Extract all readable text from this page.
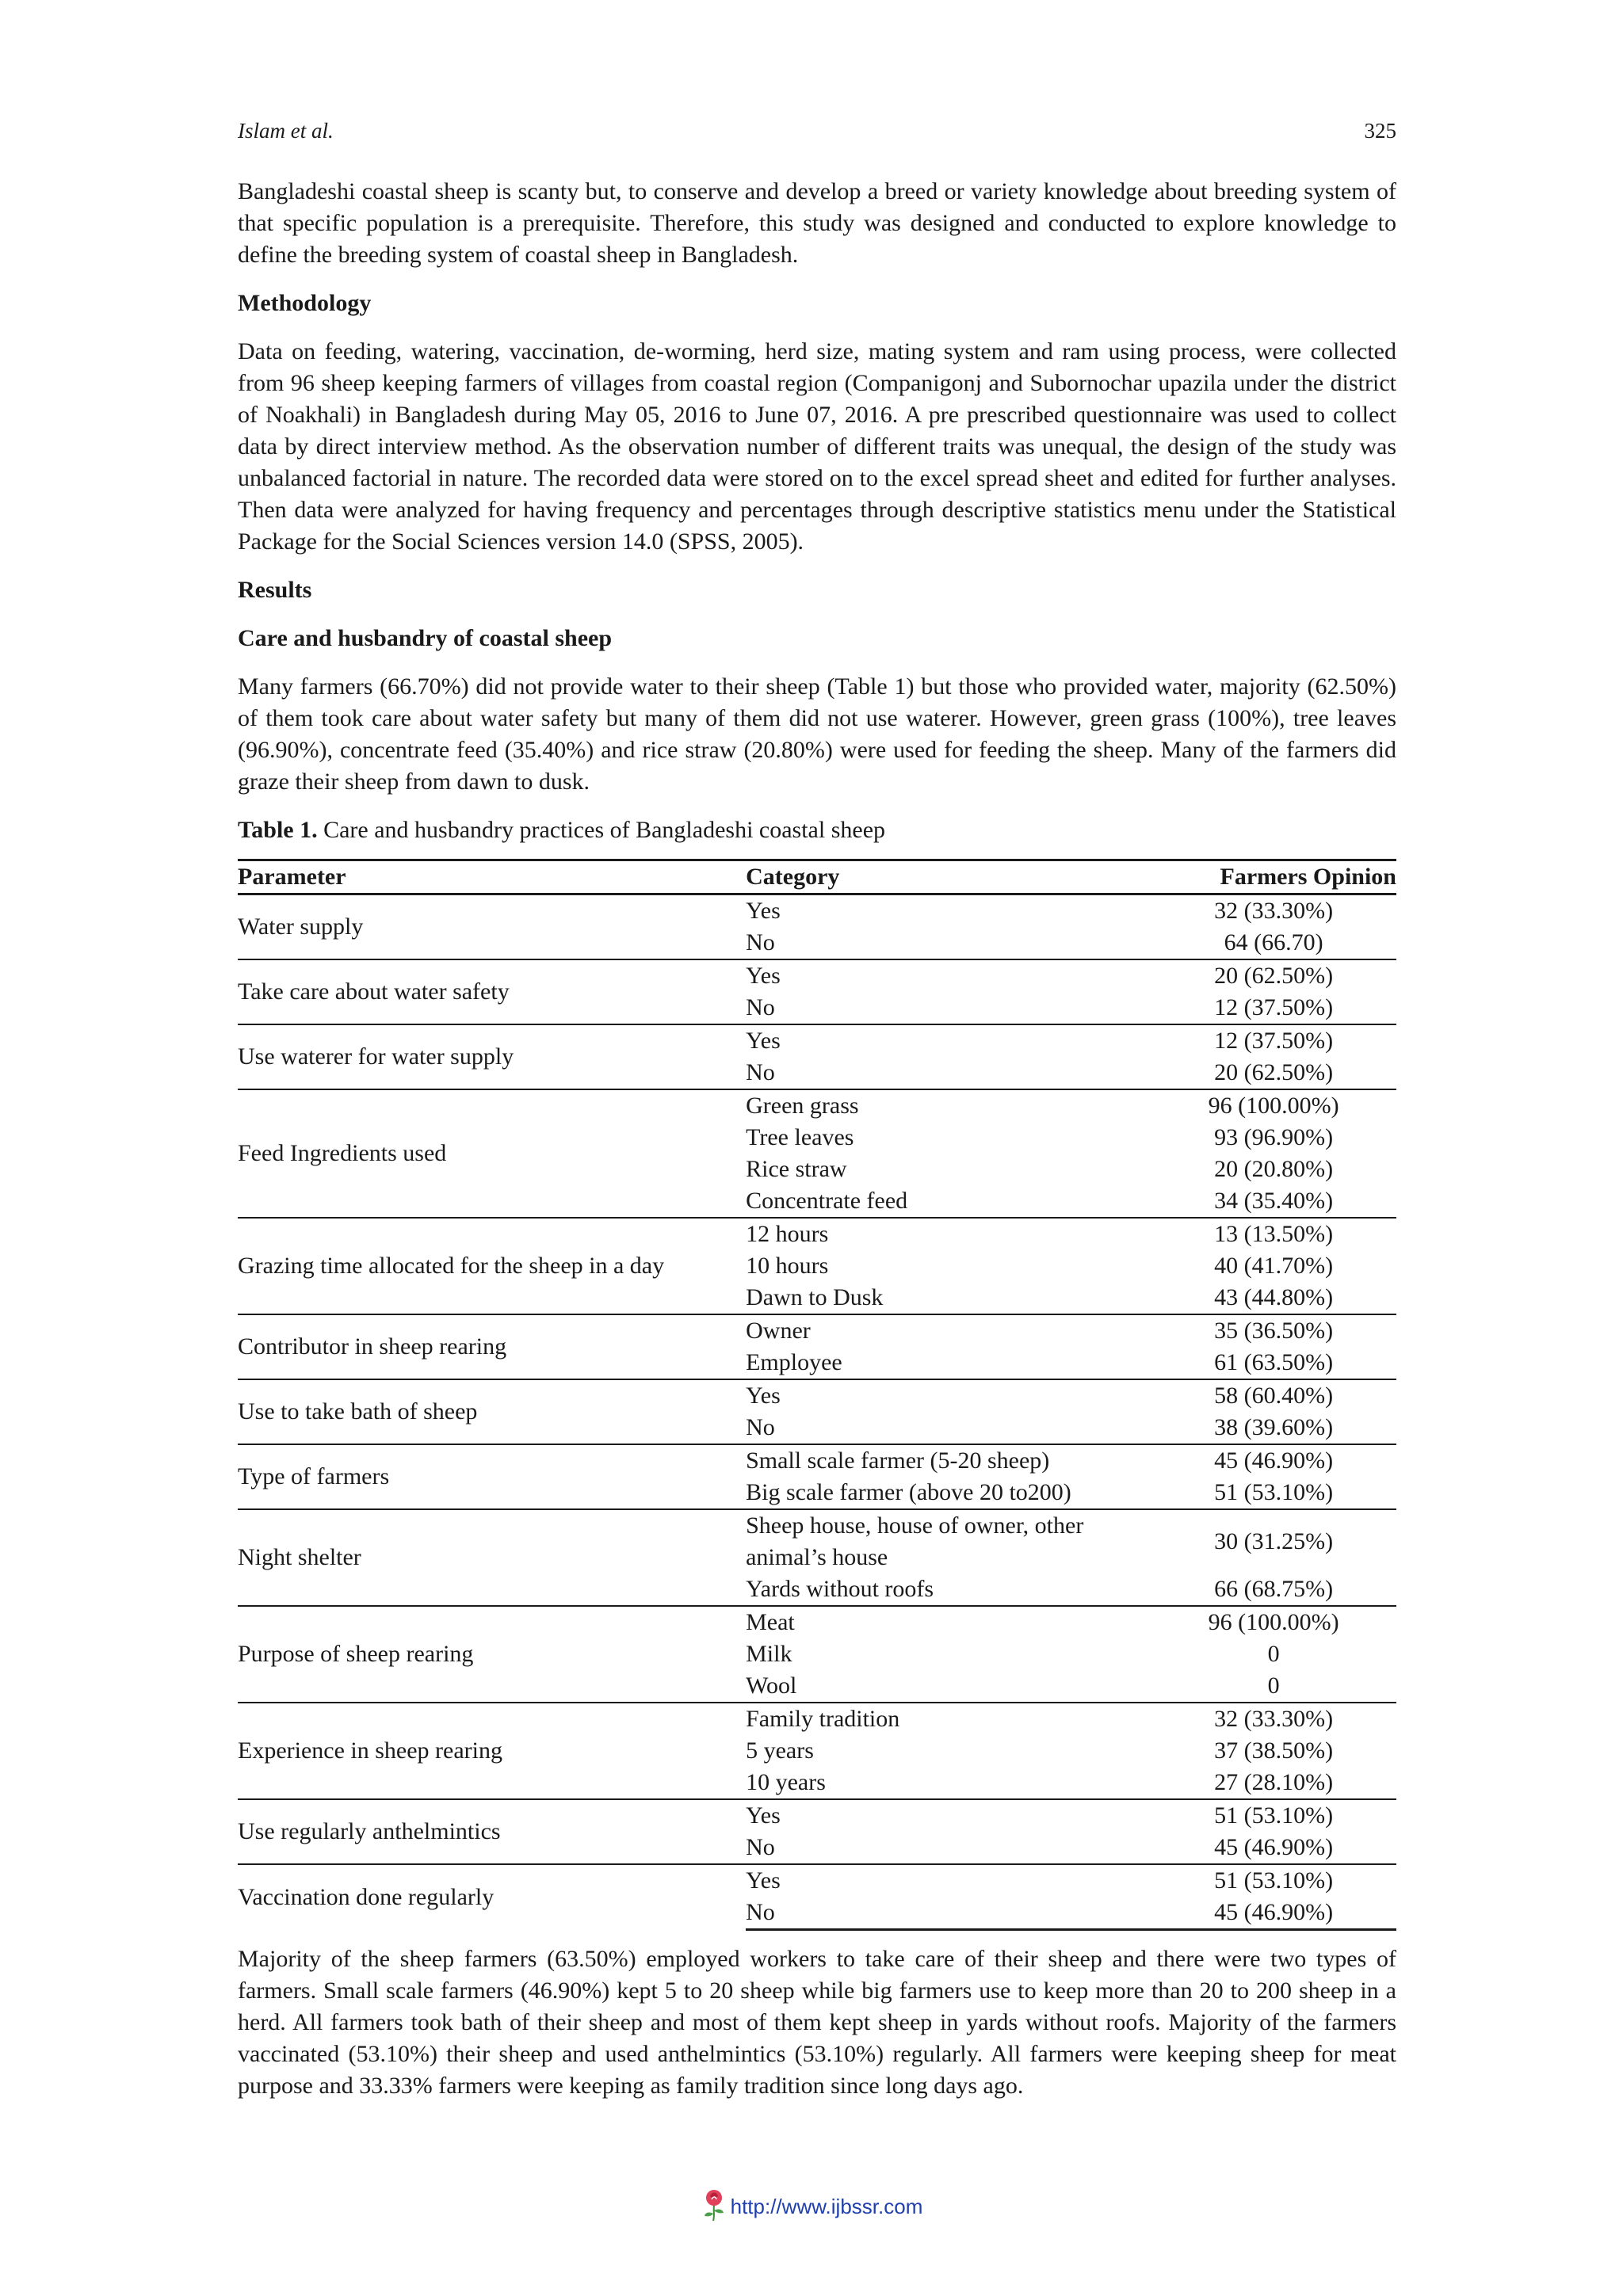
Islam et al.	325

Bangladeshi coastal sheep is scanty but, to conserve and develop a breed or variety knowledge about breeding system of that specific population is a prerequisite. Therefore, this study was designed and conducted to explore knowledge to define the breeding system of coastal sheep in Bangladesh.

Methodology

Data on feeding, watering, vaccination, de-worming, herd size, mating system and ram using process, were collected from 96 sheep keeping farmers of villages from coastal region (Companigonj and Subornochar upazila under the district of Noakhali) in Bangladesh during May 05, 2016 to June 07, 2016. A pre prescribed questionnaire was used to collect data by direct interview method. As the observation number of different traits was unequal, the design of the study was unbalanced factorial in nature. The recorded data were stored on to the excel spread sheet and edited for further analyses. Then data were analyzed for having frequency and percentages through descriptive statistics menu under the Statistical Package for the Social Sciences version 14.0 (SPSS, 2005).

Results
Care and husbandry of coastal sheep

Many farmers (66.70%) did not provide water to their sheep (Table 1) but those who provided water, majority (62.50%) of them took care about water safety but many of them did not use waterer. However, green grass (100%), tree leaves (96.90%), concentrate feed (35.40%) and rice straw (20.80%) were used for feeding the sheep. Many of the farmers did graze their sheep from dawn to dusk.

Table 1. Care and husbandry practices of Bangladeshi coastal sheep
Parameter	Category	Farmers Opinion
Water supply	Yes	32 (33.30%)
	No	64 (66.70)
Take care about water safety	Yes	20 (62.50%)
	No	12 (37.50%)
Use waterer for water supply	Yes	12 (37.50%)
	No	20 (62.50%)
Feed Ingredients used	Green grass	96 (100.00%)
	Tree leaves	93 (96.90%)
	Rice straw	20 (20.80%)
	Concentrate feed	34 (35.40%)
Grazing time allocated for the sheep in a day	12 hours	13 (13.50%)
	10 hours	40 (41.70%)
	Dawn to Dusk	43 (44.80%)
Contributor in sheep rearing	Owner	35 (36.50%)
	Employee	61 (63.50%)
Use to take bath of sheep	Yes	58 (60.40%)
	No	38 (39.60%)
Type of farmers	Small scale farmer (5-20 sheep)	45 (46.90%)
	Big scale farmer (above 20 to200)	51 (53.10%)
Night shelter	Sheep house, house of owner, other animal’s house	30 (31.25%)
	Yards without roofs	66 (68.75%)
Purpose of sheep rearing	Meat	96 (100.00%)
	Milk	0
	Wool	0
Experience in sheep rearing	Family tradition	32 (33.30%)
	5 years	37 (38.50%)
	10 years	27 (28.10%)
Use regularly anthelmintics	Yes	51 (53.10%)
	No	45 (46.90%)
Vaccination done regularly	Yes	51 (53.10%)
	No	45 (46.90%)

Majority of the sheep farmers (63.50%) employed workers to take care of their sheep and there were two types of farmers. Small scale farmers (46.90%) kept 5 to 20 sheep while big farmers use to keep more than 20 to 200 sheep in a herd. All farmers took bath of their sheep and most of them kept sheep in yards without roofs. Majority of the farmers vaccinated (53.10%) their sheep and used anthelmintics (53.10%) regularly. All farmers were keeping sheep for meat purpose and 33.33% farmers were keeping as family tradition since long days ago.

http://www.ijbssr.com
